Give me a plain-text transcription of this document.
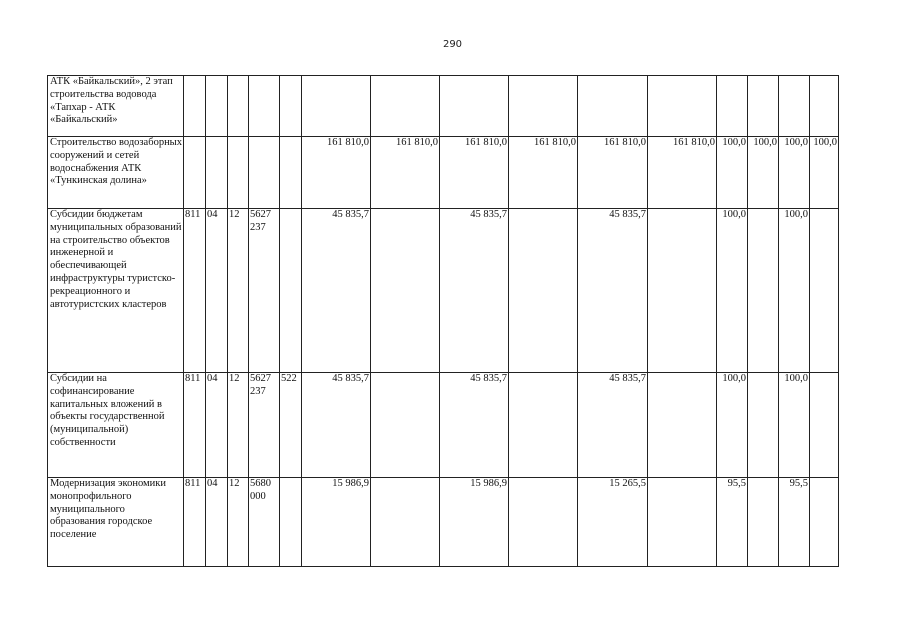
290
АТК «Байкальский», 2 этап строительства водовода «Тапхар - АТК «Байкальский»															
Строительство водозаборных сооружений и сетей водоснабжения АТК «Тункинская долина»						161 810,0	161 810,0	161 810,0	161 810,0	161 810,0	161 810,0	100,0	100,0	100,0	100,0
Субсидии бюджетам муниципальных образований на строительство объектов инженерной и обеспечивающей инфраструктуры туристско-рекреационного и автотуристских кластеров	811	04	12	5627 237		45 835,7		45 835,7		45 835,7		100,0		100,0	
Субсидии на софинансирование капитальных вложений в объекты государственной (муниципальной) собственности	811	04	12	5627 237	522	45 835,7		45 835,7		45 835,7		100,0		100,0	
Модернизация экономики монопрофильного муниципального образования городское поселение	811	04	12	5680 000		15 986,9		15 986,9		15 265,5		95,5		95,5	
